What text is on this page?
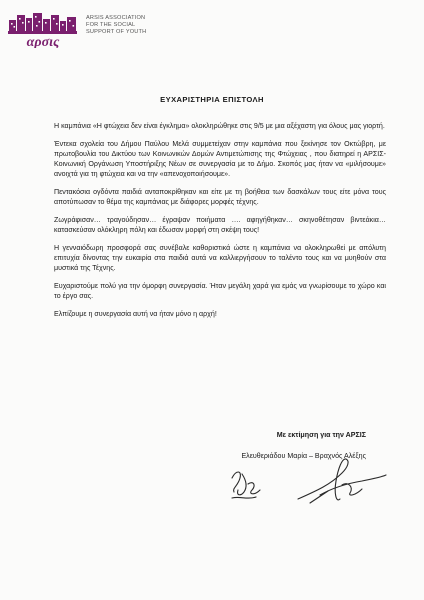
αρσις
ARSIS ASSOCIATION
FOR THE SOCIAL
SUPPORT OF YOUTH
ΕΥΧΑΡΙΣΤΗΡΙΑ ΕΠΙΣΤΟΛΗ

Η καμπάνια «Η φτώχεια δεν είναι έγκλημα» ολοκληρώθηκε στις 9/5 με μια αξέχαστη για όλους μας γιορτή.

Έντεκα σχολεία του Δήμου Παύλου Μελά συμμετείχαν στην καμπάνια που ξεκίνησε τον Οκτώβρη, με πρωτοβουλία του Δικτύου των Κοινωνικών Δομών Αντιμετώπισης της Φτώχειας , που διατηρεί η ΑΡΣΙΣ-Κοινωνική Οργάνωση Υποστήριξης Νέων σε συνεργασία με το Δήμο. Σκοπός μας ήταν να «μιλήσουμε» ανοιχτά για τη φτώχεια και να την «απενοχοποιήσουμε».

Πεντακόσια ογδόντα παιδιά ανταποκρίθηκαν και είτε με τη βοήθεια των δασκάλων τους είτε μόνα τους αποτύπωσαν το θέμα της καμπάνιας με διάφορες μορφές τέχνης.

Ζωγράφισαν… τραγούδησαν… έγραψαν ποιήματα …. αφηγήθηκαν… σκηνοθέτησαν βιντεάκια… κατασκεύσαν ολόκληρη πόλη και έδωσαν μορφή στη σκέψη τους!

Η γενναιόδωρη προσφορά σας συνέβαλε καθοριστικά ώστε η καμπάνια να ολοκληρωθεί με απόλυτη επιτυχία δίνοντας την ευκαιρία στα παιδιά αυτά να καλλιεργήσουν το ταλέντο τους και να μυηθούν στα μυστικά της Τέχνης.

Ευχαριστούμε πολύ για την όμορφη συνεργασία. Ήταν μεγάλη χαρά για εμάς να γνωρίσουμε το χώρο και το έργο σας.

Ελπίζουμε η συνεργασία αυτή να ήταν μόνο η αρχή!

Με εκτίμηση για την ΑΡΣΙΣ
Ελευθεριάδου Μαρία – Βραχνός Αλέξης
